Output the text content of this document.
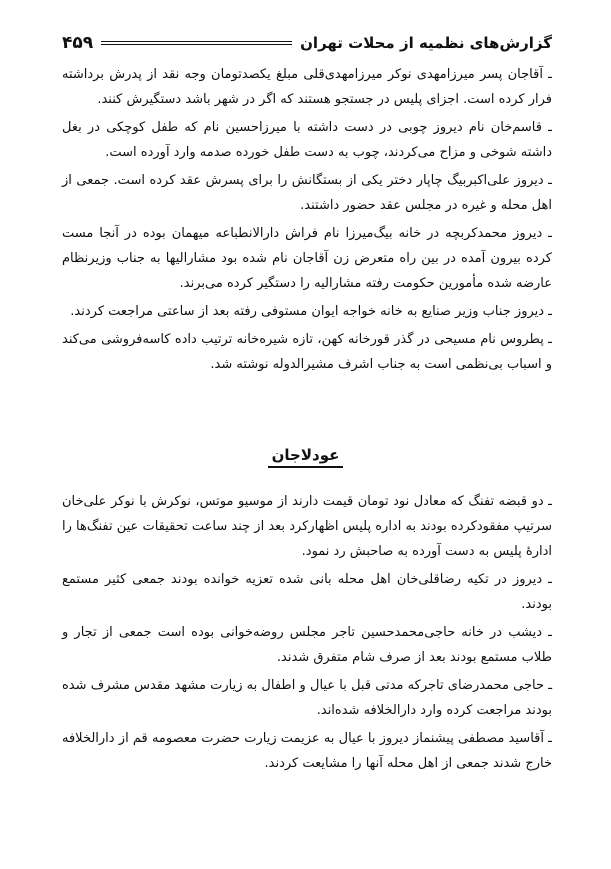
گزارش‌های نظمیه از محلات تهران
۴۵۹

ـ آقاجان پسر میرزامهدی نوکر میرزامهدی‌قلی مبلغ یکصدتومان وجه نقد از پدرش برداشته فرار کرده است. اجزای پلیس در جستجو هستند که اگر در شهر باشد دستگیرش کنند.

ـ قاسم‌خان نام دیروز چوبی در دست داشته با میرزاحسین نام که طفل کوچکی در بغل داشته شوخی و مزاح می‌کردند، چوب به دست طفل خورده صدمه وارد آورده است.

ـ دیروز علی‌اکبربیگ چاپار دختر یکی از بستگانش را برای پسرش عقد کرده است. جمعی از اهل محله و غیره در مجلس عقد حضور داشتند.

ـ دیروز محمدکربچه در خانه بیگ‌میرزا نام فراش دارالانطباعه میهمان بوده در آنجا مست کرده بیرون آمده در بین راه متعرض زن آقاجان نام شده بود مشارالیها به جناب وزیرنظام عارضه شده مأمورین حکومت رفته مشارالیه را دستگیر کرده می‌برند.

ـ دیروز جناب وزیر صنایع به خانه خواجه ایوان مستوفی رفته بعد از ساعتی مراجعت کردند.

ـ پطروس نام مسیحی در گذر قورخانه کهن، تازه شیره‌خانه ترتیب داده کاسه‌فروشی می‌کند و اسباب بی‌نظمی است به جناب اشرف مشیرالدوله نوشته شد.

عودلاجان

ـ دو قبضه تفنگ که معادل نود تومان قیمت دارند از موسیو موتس، نوکرش با نوکر علی‌خان سرتیپ مفقودکرده بودند به اداره پلیس اظهارکرد بعد از چند ساعت تحقیقات عین تفنگ‌ها را ادارهٔ پلیس به دست آورده به صاحبش رد نمود.

ـ دیروز در تکیه رضاقلی‌خان اهل محله بانی شده تعزیه خوانده بودند جمعی کثیر مستمع بودند.

ـ دیشب در خانه حاجی‌محمدحسین تاجر مجلس روضه‌خوانی بوده است جمعی از تجار و طلاب مستمع بودند بعد از صرف شام متفرق شدند.

ـ حاجی محمدرضای تاجرکه مدتی قبل با عیال و اطفال به زیارت مشهد مقدس مشرف شده بودند مراجعت کرده وارد دارالخلافه شده‌اند.

ـ آقاسید مصطفی پیشنماز دیروز با عیال به عزیمت زیارت حضرت معصومه قم از دارالخلافه خارج شدند جمعی از اهل محله آنها را مشایعت کردند.
